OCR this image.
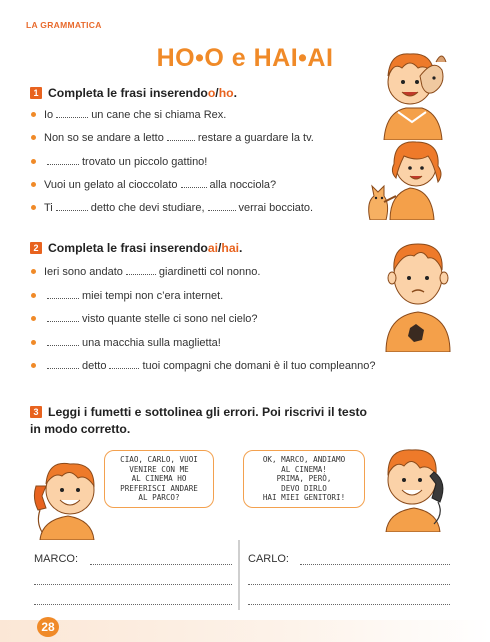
LA GRAMMATICA
HO•O e HAI•AI
1 Completa le frasi inserendo o / ho .
Io	un cane che si chiama Rex.
Non so se andare a letto	restare a guardare la tv.
trovato un piccolo gattino!
Vuoi un gelato al cioccolato	alla nocciola?
Ti	detto che devi studiare,	verrai bocciato.
2 Completa le frasi inserendo ai / hai .
Ieri sono andato	giardinetti col nonno.
miei tempi non c’era internet.
visto quante stelle ci sono nel cielo?
una macchia sulla maglietta!
detto	tuoi compagni che domani è il tuo compleanno?
3 Leggi i fumetti e sottolinea gli errori. Poi riscrivi il testo
in modo corretto.
CIAO, CARLO, VUOI
VENIRE CON ME
AL CINEMA HO
PREFERISCI ANDARE
AL PARCO?
OK, MARCO, ANDIAMO
AL CINEMA!
PRIMA, PERÒ,
DEVO DIRLO
HAI MIEI GENITORI!
MARCO:	CARLO:
28
